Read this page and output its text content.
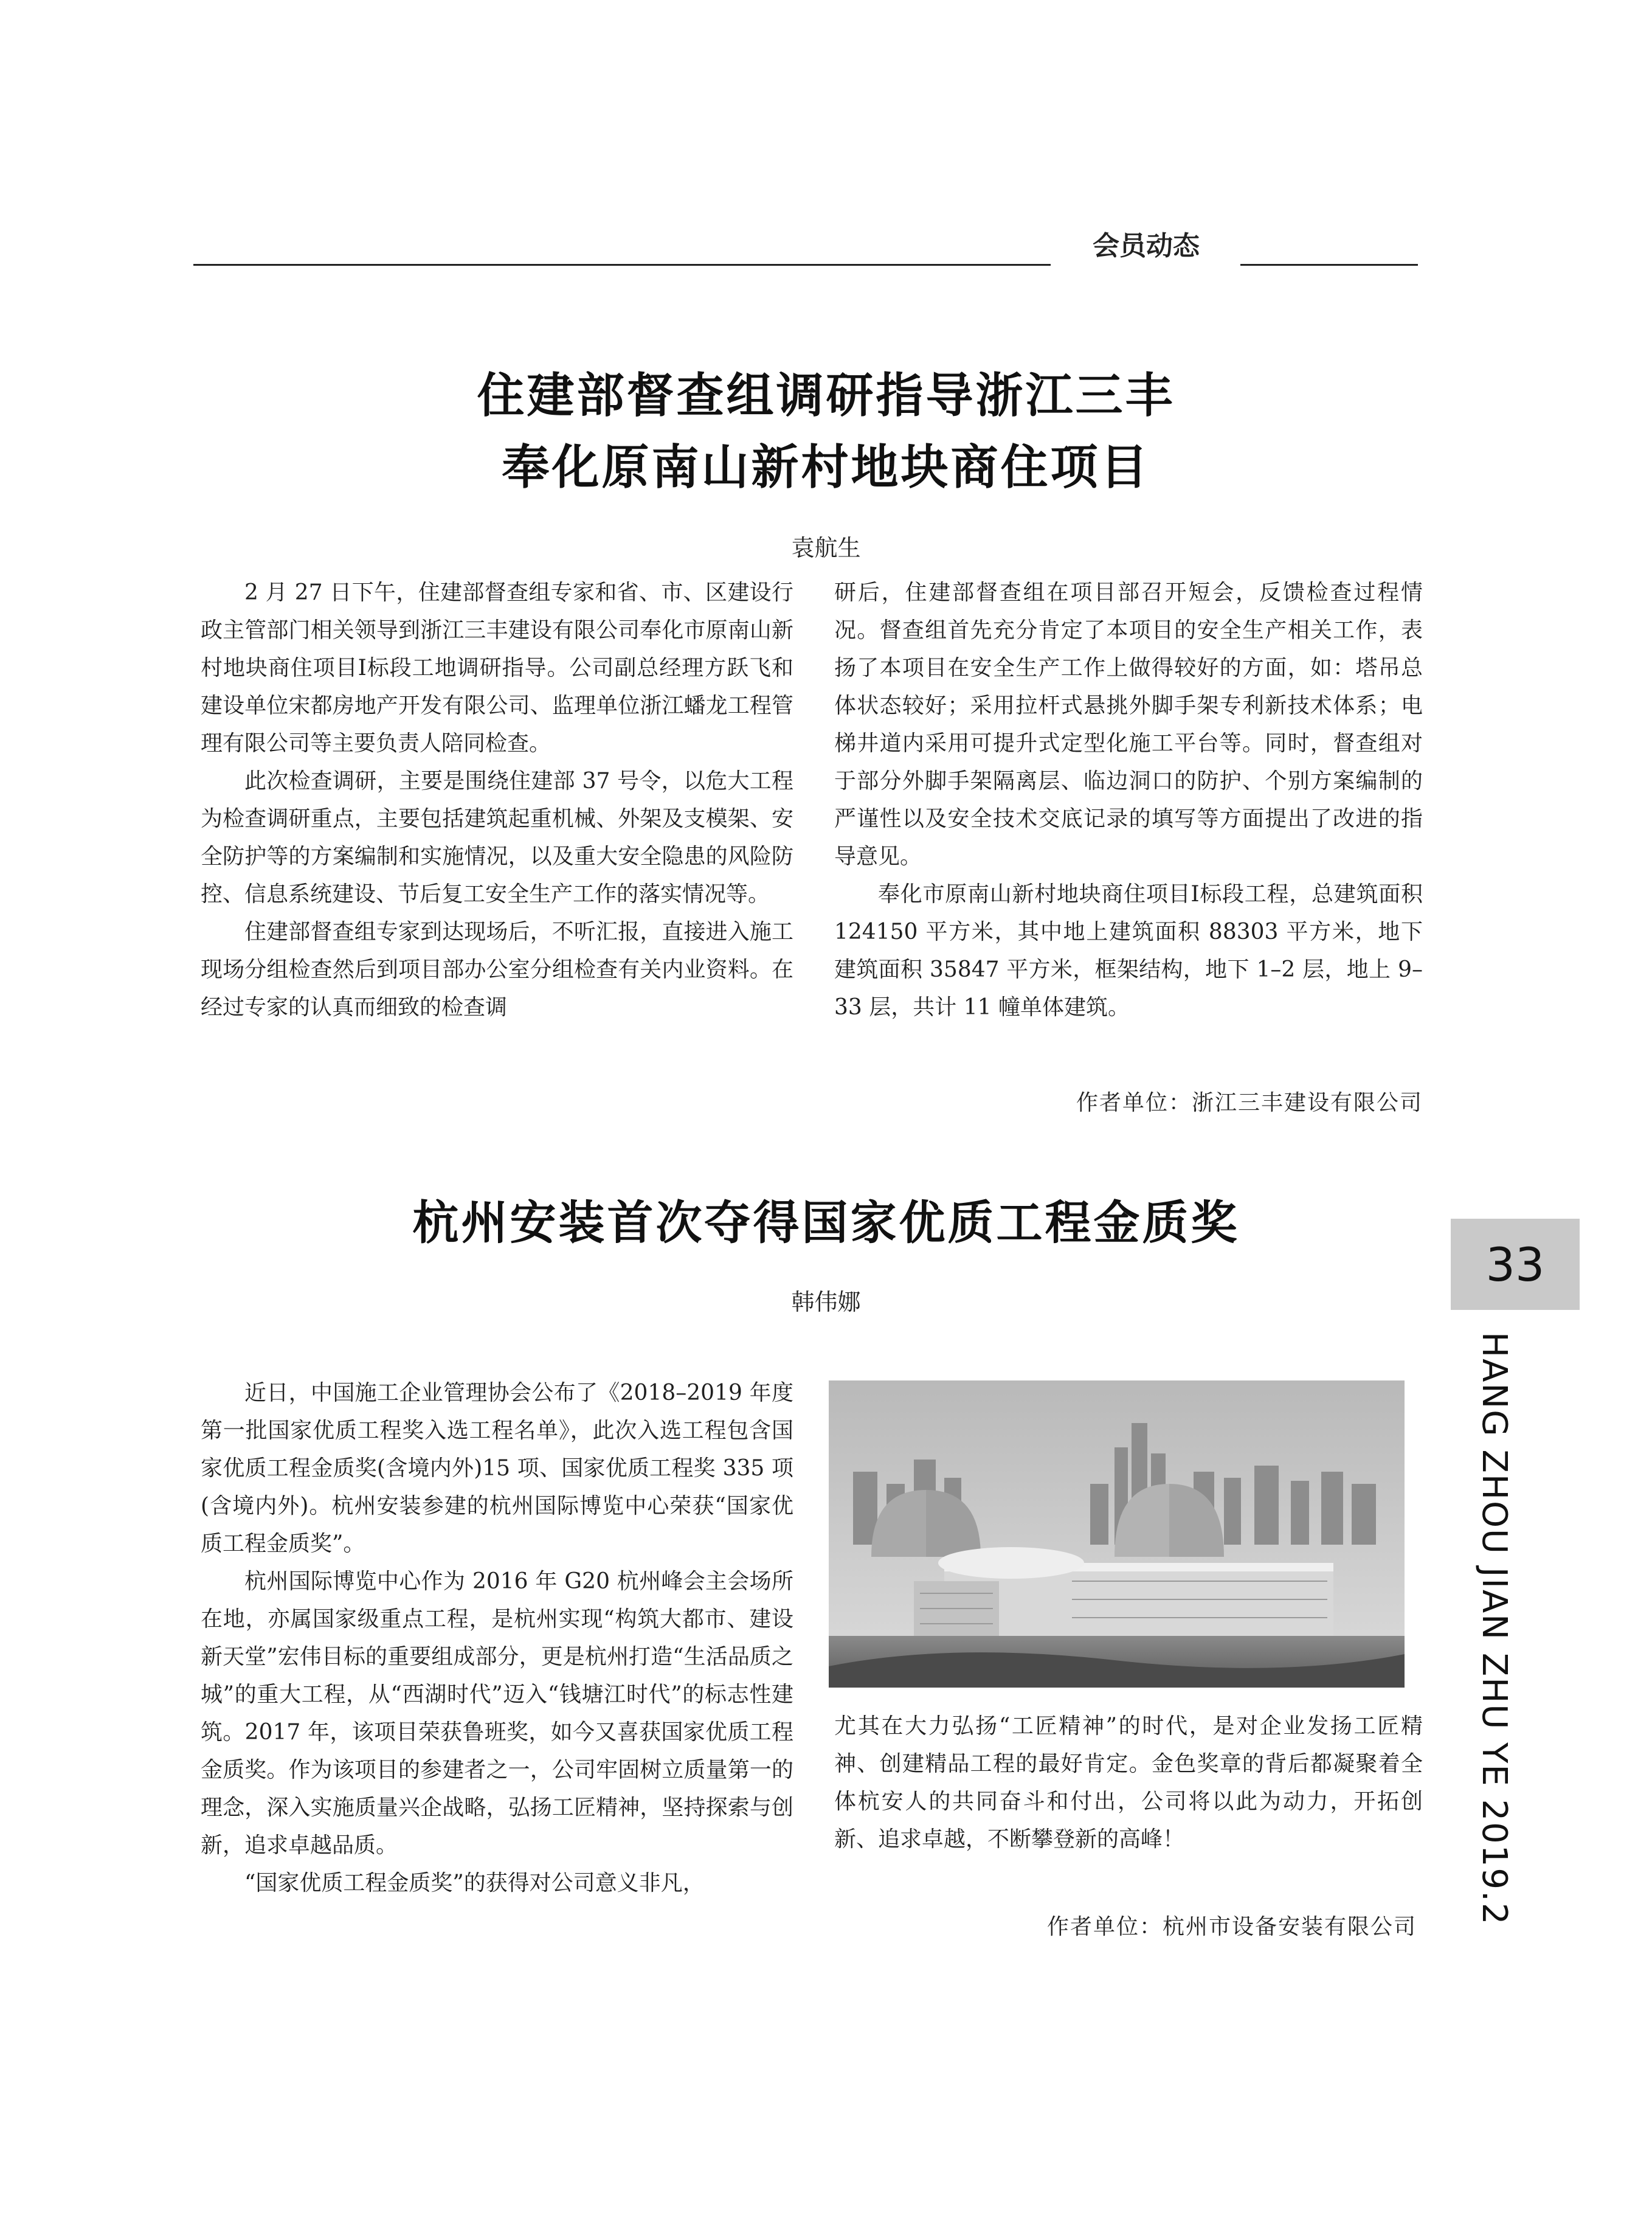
会员动态
住建部督查组调研指导浙江三丰
奉化原南山新村地块商住项目
袁航生

2 月 27 日下午，住建部督查组专家和省、市、区建设行政主管部门相关领导到浙江三丰建设有限公司奉化市原南山新村地块商住项目Ⅰ标段工地调研指导。公司副总经理方跃飞和建设单位宋都房地产开发有限公司、监理单位浙江蟠龙工程管理有限公司等主要负责人陪同检查。

此次检查调研，主要是围绕住建部 37 号令，以危大工程为检查调研重点，主要包括建筑起重机械、外架及支模架、安全防护等的方案编制和实施情况，以及重大安全隐患的风险防控、信息系统建设、节后复工安全生产工作的落实情况等。

住建部督查组专家到达现场后，不听汇报，直接进入施工现场分组检查然后到项目部办公室分组检查有关内业资料。在经过专家的认真而细致的检查调

研后，住建部督查组在项目部召开短会，反馈检查过程情况。督查组首先充分肯定了本项目的安全生产相关工作，表扬了本项目在安全生产工作上做得较好的方面，如：塔吊总体状态较好；采用拉杆式悬挑外脚手架专利新技术体系；电梯井道内采用可提升式定型化施工平台等。同时，督查组对于部分外脚手架隔离层、临边洞口的防护、个别方案编制的严谨性以及安全技术交底记录的填写等方面提出了改进的指导意见。

奉化市原南山新村地块商住项目Ⅰ标段工程，总建筑面积 124150 平方米，其中地上建筑面积 88303 平方米，地下建筑面积 35847 平方米，框架结构，地下 1–2 层，地上 9–33 层，共计 11 幢单体建筑。

作者单位：浙江三丰建设有限公司
杭州安装首次夺得国家优质工程金质奖
韩伟娜

近日，中国施工企业管理协会公布了《2018–2019 年度第一批国家优质工程奖入选工程名单》，此次入选工程包含国家优质工程金质奖(含境内外)15 项、国家优质工程奖 335 项(含境内外)。杭州安装参建的杭州国际博览中心荣获“国家优质工程金质奖”。

杭州国际博览中心作为 2016 年 G20 杭州峰会主会场所在地，亦属国家级重点工程，是杭州实现“构筑大都市、建设新天堂”宏伟目标的重要组成部分，更是杭州打造“生活品质之城”的重大工程，从“西湖时代”迈入“钱塘江时代”的标志性建筑。2017 年，该项目荣获鲁班奖，如今又喜获国家优质工程金质奖。作为该项目的参建者之一，公司牢固树立质量第一的理念，深入实施质量兴企战略，弘扬工匠精神，坚持探索与创新，追求卓越品质。

“国家优质工程金质奖”的获得对公司意义非凡，

尤其在大力弘扬“工匠精神”的时代，是对企业发扬工匠精神、创建精品工程的最好肯定。金色奖章的背后都凝聚着全体杭安人的共同奋斗和付出，公司将以此为动力，开拓创新、追求卓越，不断攀登新的高峰！

作者单位：杭州市设备安装有限公司
33
HANG ZHOU JIAN ZHU YE 2019.2
